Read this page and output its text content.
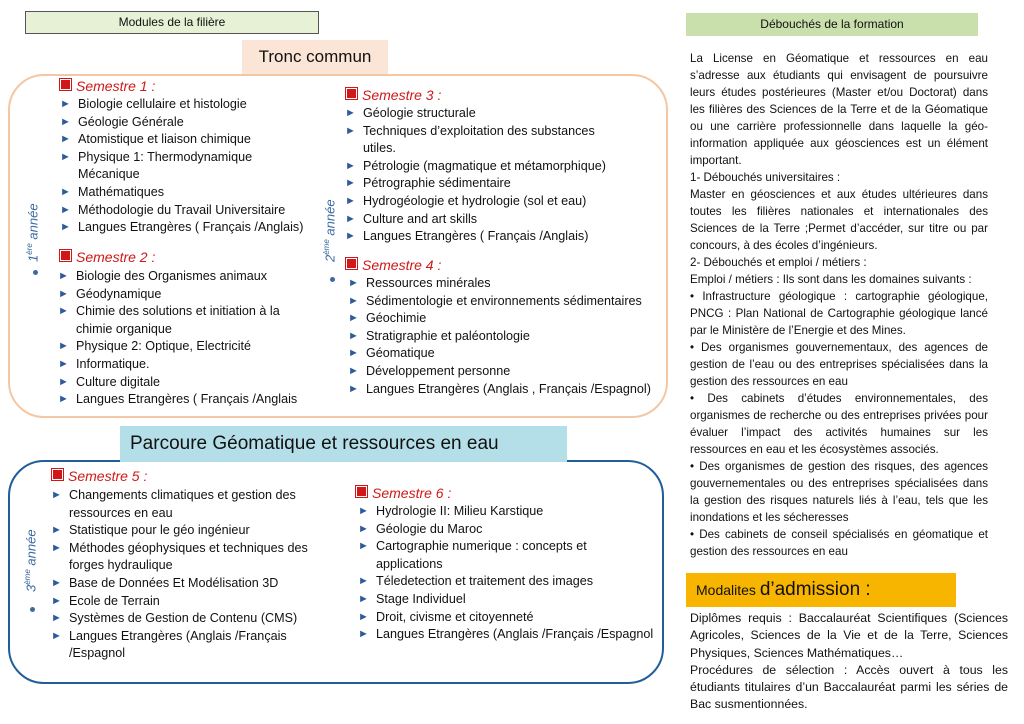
Modules de la filière	Débouchés de la formation
Tronc commun
1ère année
2ème année
Semestre 1 :
► Biologie cellulaire et histologie
► Géologie Générale
► Atomistique et liaison chimique
► Physique 1: Thermodynamique
Mécanique
► Mathématiques
► Méthodologie du Travail Universitaire
► Langues Etrangères ( Français /Anglais)
Semestre 2 :
► Biologie des Organismes animaux
► Géodynamique
► Chimie des solutions et initiation à la
chimie organique
► Physique 2: Optique, Electricité
► Informatique.
► Culture digitale
► Langues Etrangères ( Français /Anglais
Semestre 3 :
► Géologie structurale
► Techniques d’exploitation des substances
utiles.
► Pétrologie (magmatique et métamorphique)
► Pétrographie sédimentaire
► Hydrogéologie et hydrologie (sol et eau)
► Culture and art skills
► Langues Etrangères ( Français /Anglais)
Semestre 4 :
► Ressources minérales
► Sédimentologie et environnements sédimentaires
► Géochimie
► Stratigraphie et paléontologie
► Géomatique
► Développement personne
► Langues Etrangères (Anglais , Français /Espagnol)
Parcoure Géomatique et ressources en eau
3ème année
Semestre 5 :
► Changements climatiques et gestion des
ressources en eau
► Statistique pour le géo ingénieur
► Méthodes géophysiques et techniques des
forges hydraulique
► Base de Données Et Modélisation 3D
► Ecole de Terrain
► Systèmes de Gestion de Contenu (CMS)
► Langues Etrangères (Anglais /Français
/Espagnol
Semestre 6 :
► Hydrologie II: Milieu Karstique
► Géologie du Maroc
► Cartographie numerique : concepts et
applications
► Téledetection et traitement des images
► Stage Individuel
► Droit, civisme et citoyenneté
► Langues Etrangères (Anglais /Français /Espagnol

La License en Géomatique et ressources en eau s’adresse aux étudiants qui envisagent de poursuivre leurs études postérieures (Master et/ou Doctorat) dans les filières des Sciences de la Terre et de la Géomatique ou une carrière professionnelle dans laquelle la géo- information appliquée aux géosciences est un élément important.

1- Débouchés universitaires :

Master en géosciences et aux études ultérieures dans toutes les filières nationales et internationales des Sciences de la Terre ;Permet d’accéder, sur titre ou par concours, à des écoles d’ingénieurs.

2- Débouchés et emploi / métiers :

Emploi / métiers : Ils sont dans les domaines suivants :

• Infrastructure géologique : cartographie géologique, PNCG : Plan National de Cartographie géologique lancé par le Ministère de l’Energie et des Mines.

• Des organismes gouvernementaux, des agences de gestion de l’eau ou des entreprises spécialisées dans la gestion des ressources en eau

• Des cabinets d’études environnementales, des organismes de recherche ou des entreprises privées pour évaluer l’impact des activités humaines sur les ressources en eau et les écosystèmes associés.

• Des organismes de gestion des risques, des agences gouvernementales ou des entreprises spécialisées dans la gestion des risques naturels liés à l’eau, tels que les inondations et les sécheresses

• Des cabinets de conseil spécialisés en géomatique et gestion des ressources en eau

Modalites d’admission :

Diplômes requis : Baccalauréat Scientifiques (Sciences Agricoles, Sciences de la Vie et de la Terre, Sciences Physiques, Sciences Mathématiques…

Procédures de sélection : Accès ouvert à tous les étudiants titulaires d’un Baccalauréat parmi les séries de Bac susmentionnées.
